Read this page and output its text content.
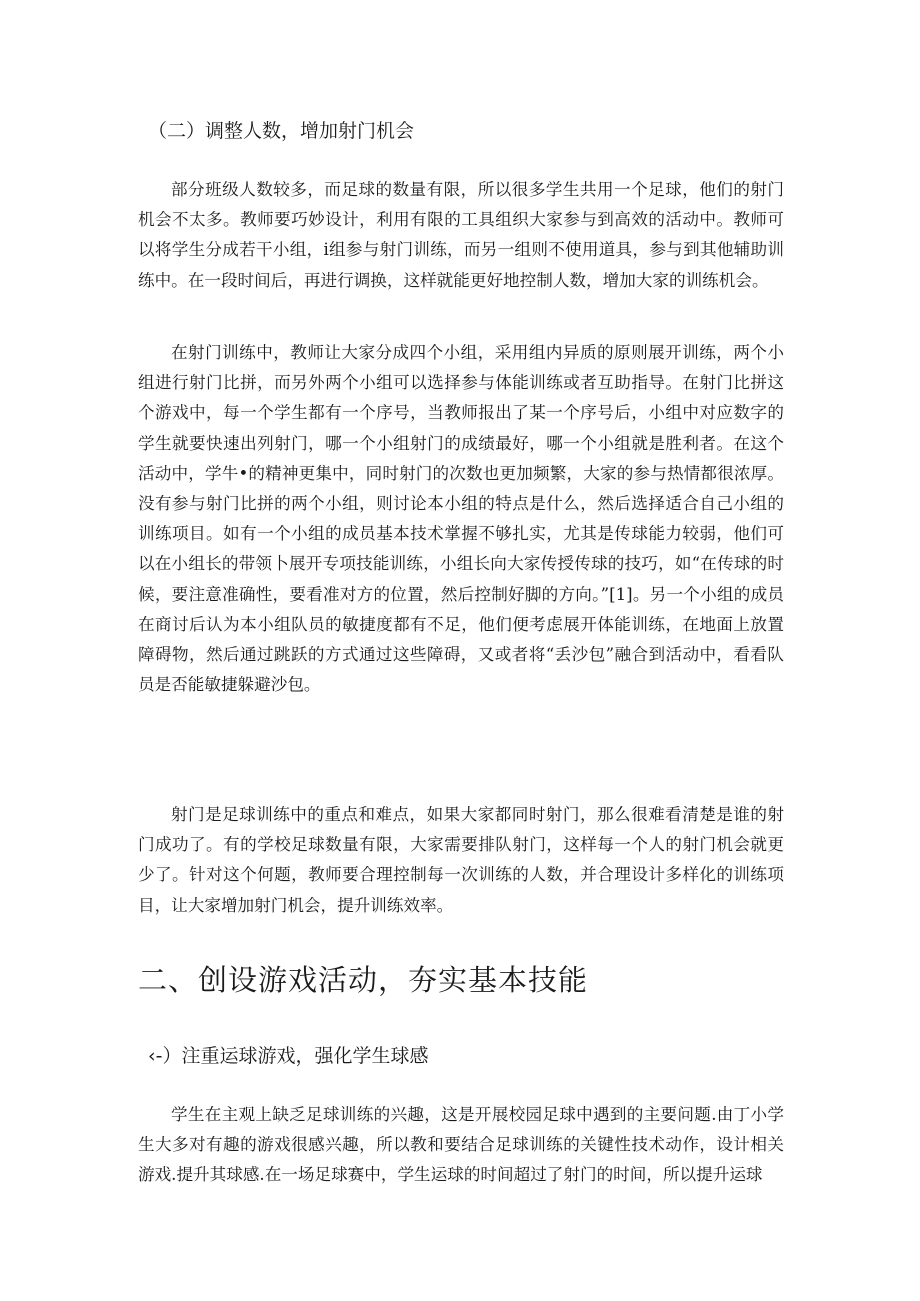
（二）调整人数，增加射门机会

部分班级人数较多，而足球的数量有限，所以很多学生共用一个足球，他们的射门机会不太多。教师要巧妙设计，利用有限的工具组织大家参与到高效的活动中。教师可以将学生分成若干小组，i组参与射门训练，而另一组则不使用道具，参与到其他辅助训练中。在一段时间后，再进行调换，这样就能更好地控制人数，增加大家的训练机会。

在射门训练中，教师让大家分成四个小组，采用组内异质的原则展开训练，两个小组进行射门比拼，而另外两个小组可以选择参与体能训练或者互助指导。在射门比拼这个游戏中，每一个学生都有一个序号，当教师报出了某一个序号后，小组中对应数字的学生就要快速出列射门，哪一个小组射门的成绩最好，哪一个小组就是胜利者。在这个活动中，学牛•的精神更集中，同时射门的次数也更加频繁，大家的参与热情都很浓厚。没有参与射门比拼的两个小组，则讨论本小组的特点是什么，然后选择适合自己小组的训练项目。如有一个小组的成员基本技术掌握不够扎实，尤其是传球能力较弱，他们可以在小组长的带领卜展开专项技能训练，小组长向大家传授传球的技巧，如“在传球的时候，要注意准确性，要看准对方的位置，然后控制好脚的方向。”[1]。另一个小组的成员在商讨后认为本小组队员的敏捷度都有不足，他们便考虑展开体能训练，在地面上放置障碍物，然后通过跳跃的方式通过这些障碍，又或者将“丢沙包”融合到活动中，看看队员是否能敏捷躲避沙包。

射门是足球训练中的重点和难点，如果大家都同时射门，那么很难看清楚是谁的射门成功了。有的学校足球数量有限，大家需要排队射门，这样每一个人的射门机会就更少了。针对这个何题，教师要合理控制每一次训练的人数，并合理设计多样化的训练项目，让大家增加射门机会，提升训练效率。

二、创设游戏活动，夯实基本技能
‹-）注重运球游戏，强化学生球感

学生在主观上缺乏足球训练的兴趣，这是开展校园足球中遇到的主要问题.由丁小学生大多对有趣的游戏很感兴趣，所以教和要结合足球训练的关键性技术动作，设计相关游戏.提升其球感.在一场足球赛中，学生运球的时间超过了射门的时间，所以提升运球
